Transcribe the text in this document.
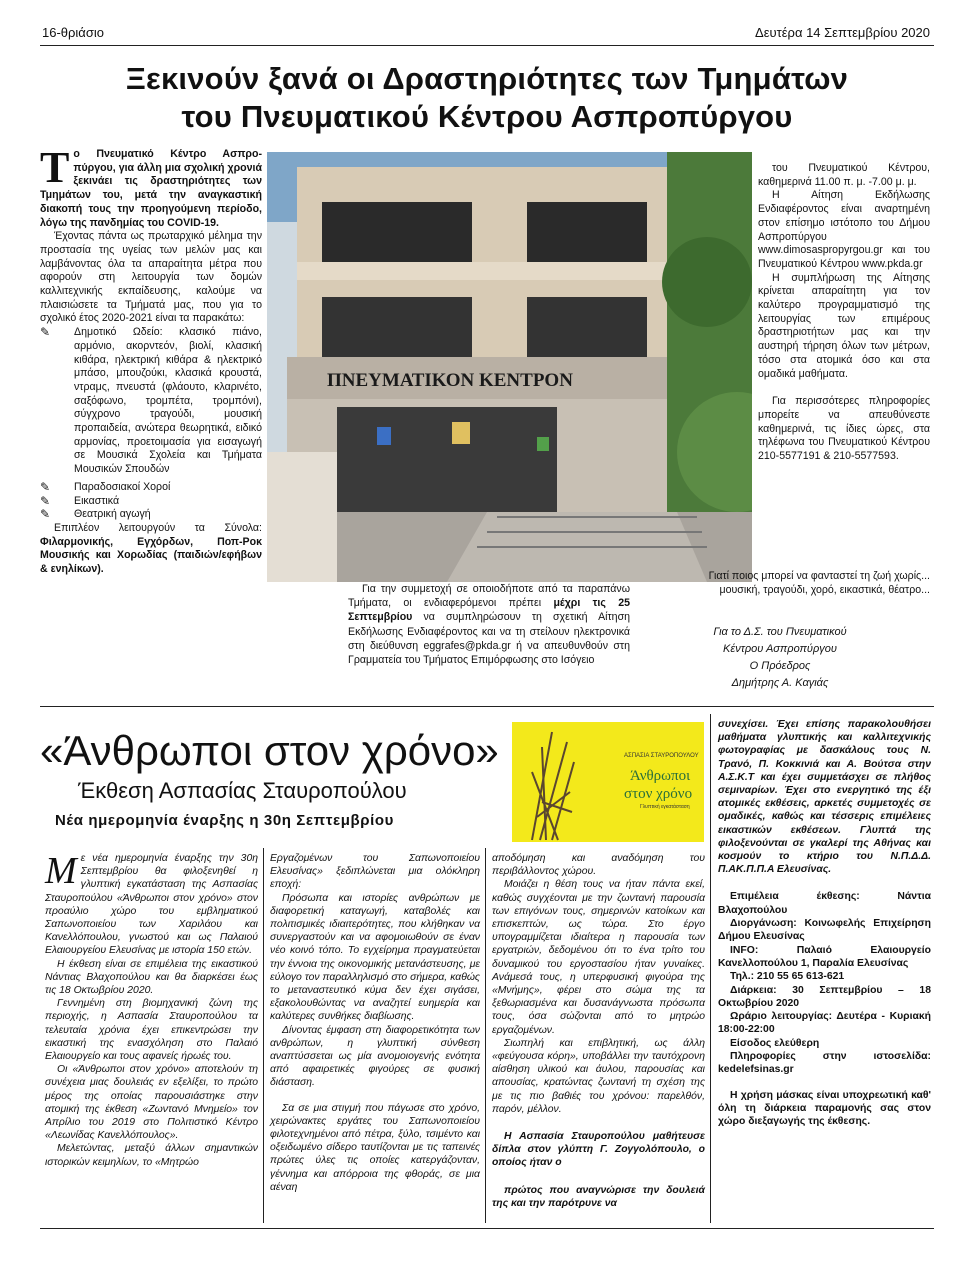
16-θριάσιο	Δευτέρα 14 Σεπτεμβρίου 2020
Ξεκινούν ξανά οι Δραστηριότητες των Τμημάτων
του Πνευματικού Κέντρου Ασπροπύργου

Το Πνευματικό Κέντρο Ασπρο-πύργου, για άλλη μια σχολική χρονιά ξεκινάει τις δραστηριότητες των Τμημάτων του, μετά την αναγκαστική διακοπή τους την προηγούμενη περίοδο, λόγω της πανδημίας του COVID-19.

Έχοντας πάντα ως πρωταρχικό μέλημα την προστασία της υγείας των μελών μας και λαμβάνοντας όλα τα απαραίτητα μέτρα που αφορούν στη λειτουργία των δομών καλλιτεχνικής εκπαίδευσης, καλούμε να πλαισιώσετε τα Τμήματά μας, που για το σχολικό έτος 2020-2021 είναι τα παρακάτω:

✎	Δημοτικό Ωδείο: κλασικό πιάνο, αρμόνιο, ακορντεόν, βιολί, κλασική κιθάρα, ηλεκτρική κιθάρα & ηλεκτρικό μπάσο, μπουζούκι, κλασικά κρουστά, ντραμς, πνευστά (φλάουτο, κλαρινέτο, σαξόφωνο, τρομπέτα, τρομπόνι), σύγχρονο τραγούδι, μουσική προπαιδεία, ανώτερα θεωρητικά, ειδικό αρμονίας, προετοιμασία για εισαγωγή σε Μουσικά Σχολεία και Τμήματα Μουσικών Σπουδών
✎	Παραδοσιακοί Χοροί
✎	Εικαστικά
✎	Θεατρική αγωγή

Επιπλέον λειτουργούν τα Σύνολα: Φιλαρμονικής, Εγχόρδων, Ποπ-Ροκ Μουσικής και Χορωδίας (παιδιών/εφήβων & ενηλίκων).

ΠΝΕΥΜΑΤΙΚΟΝ ΚΕΝΤΡΟΝ

Για την συμμετοχή σε οποιοδήποτε από τα παραπάνω Τμήματα, οι ενδιαφερόμενοι πρέπει μέχρι τις 25 Σεπτεμβρίου να συμπληρώσουν τη σχετική Αίτηση Εκδήλωσης Ενδιαφέροντος και να τη στείλουν ηλεκτρονικά στη διεύθυνση eggrafes@pkda.gr ή να απευθυνθούν στη Γραμματεία του Τμήματος Επιμόρφωσης στο Ισόγειο

του Πνευματικού Κέντρου, καθημερινά 11.00 π. μ. -7.00 μ. μ.

Η Αίτηση Εκδήλωσης Ενδιαφέροντος είναι αναρτημένη στον επίσημο ιστότοπο του Δήμου Ασπροπύργου www.dimosaspropyrgou.gr και του Πνευματικού Κέντρου www.pkda.gr

Η συμπλήρωση της Αίτησης κρίνεται απαραίτητη για τον καλύτερο προγραμματισμό της λειτουργίας των επιμέρους δραστηριοτήτων μας και την αυστηρή τήρηση όλων των μέτρων, τόσο στα ατομικά όσο και στα ομαδικά μαθήματα.

Για περισσότερες πληροφορίες μπορείτε να απευθύνεστε καθημερινά, τις ίδιες ώρες, στα τηλέφωνα του Πνευματικού Κέντρου 210-5577191 & 210-5577593.

Γιατί ποιος μπορεί να φανταστεί τη ζωή χωρίς...
μουσική, τραγούδι, χορό, εικαστικά, θέατρο...
Για το Δ.Σ. του Πνευματικού
Κέντρου Ασπροπύργου
Ο Πρόεδρος
Δημήτρης Α. Καγιάς
«Άνθρωποι στον χρόνο»
Έκθεση Ασπασίας Σταυροπούλου
Νέα ημερομηνία έναρξης η 30η Σεπτεμβρίου
ΑΣΠΑΣΙΑ ΣΤΑΥΡΟΠΟΥΛΟΥ
Άνθρωποι
στον χρόνο
Γλυπτική εγκατάσταση

Με νέα ημερομηνία έναρξης την 30η Σεπτεμβρίου θα φιλοξενηθεί η γλυπτική εγκατάσταση της Ασπασίας Σταυροπούλου «Άνθρωποι στον χρόνο» στον προαύλιο χώρο του εμβληματικού Σαπωνοποιείου των Χαριλάου και Κανελλόπουλου, γνωστού και ως Παλαιού Ελαιουργείου Ελευσίνας με ιστορία 150 ετών.

Η έκθεση είναι σε επιμέλεια της εικαστικού Νάντιας Βλαχοπούλου και θα διαρκέσει έως τις 18 Οκτωβρίου 2020.

Γεννημένη στη βιομηχανική ζώνη της περιοχής, η Ασπασία Σταυροπούλου τα τελευταία χρόνια έχει επικεντρώσει την εικαστική της ενασχόληση στο Παλαιό Ελαιουργείο και τους αφανείς ήρωές του.

Οι «Άνθρωποι στον χρόνο» αποτελούν τη συνέχεια μιας δουλειάς εν εξελίξει, το πρώτο μέρος της οποίας παρουσιάστηκε στην ατομική της έκθεση «Ζωντανό Μνημείο» τον Απρίλιο του 2019 στο Πολιτιστικό Κέντρο «Λεωνίδας Κανελλόπουλος».

Μελετώντας, μεταξύ άλλων σημαντικών ιστορικών κειμηλίων, το «Μητρώο

Εργαζομένων του Σαπωνοποιείου Ελευσίνας» ξεδιπλώνεται μια ολόκληρη εποχή:

Πρόσωπα και ιστορίες ανθρώπων με διαφορετική καταγωγή, καταβολές και πολιτισμικές ιδιαιτερότητες, που κλήθηκαν να συνεργαστούν και να αφομοιωθούν σε έναν νέο κοινό τόπο. Το εγχείρημα πραγματεύεται την έννοια της οικονομικής μετανάστευσης, με εύλογο τον παραλληλισμό στο σήμερα, καθώς το μεταναστευτικό κύμα δεν έχει σιγάσει, εξακολουθώντας να αναζητεί ευημερία και καλύτερες συνθήκες διαβίωσης.

Δίνοντας έμφαση στη διαφορετικότητα των ανθρώπων, η γλυπτική σύνθεση αναπτύσσεται ως μία ανομοιογενής ενότητα από αφαιρετικές φιγούρες σε φυσική διάσταση.

Σα σε μια στιγμή που πάγωσε στο χρόνο, χειρώνακτες εργάτες του Σαπωνοποιείου φιλοτεχνημένοι από πέτρα, ξύλο, τσιμέντο και οξειδωμένο σίδερο ταυτίζονται με τις ταπεινές πρώτες ύλες τις οποίες κατεργάζονταν, γέννημα και απόρροια της φθοράς, σε μια αέναη

αποδόμηση και αναδόμηση του περιβάλλοντος χώρου.

Μοιάζει η θέση τους να ήταν πάντα εκεί, καθώς συγχέονται με την ζωντανή παρουσία των επιγόνων τους, σημερινών κατοίκων και επισκεπτών, ως τώρα. Στο έργο υπογραμμίζεται ιδιαίτερα η παρουσία των εργατριών, δεδομένου ότι το ένα τρίτο του δυναμικού του εργοστασίου ήταν γυναίκες. Ανάμεσά τους, η υπερφυσική φιγούρα της «Μνήμης», φέρει στο σώμα της τα ξεθωριασμένα και δυσανάγνωστα πρόσωπα τους, όσα σώζονται από το μητρώο εργαζομένων.

Σιωπηλή και επιβλητική, ως άλλη «φεύγουσα κόρη», υποβάλλει την ταυτόχρονη αίσθηση υλικού και άυλου, παρουσίας και απουσίας, κρατώντας ζωντανή τη σχέση της με τις πιο βαθιές του χρόνου: παρελθόν, παρόν, μέλλον.

Η Ασπασία Σταυροπούλου μαθήτευσε δίπλα στον γλύπτη Γ. Ζογγολόπουλο, ο οποίος ήταν ο

πρώτος που αναγνώρισε την δουλειά της και την παρότρυνε να

συνεχίσει. Έχει επίσης παρακολουθήσει μαθήματα γλυπτικής και καλλιτεχνικής φωτογραφίας με δασκάλους τους Ν. Τρανό, Π. Κοκκινιά και Α. Βούτσα στην Α.Σ.Κ.Τ και έχει συμμετάσχει σε πλήθος σεμιναρίων. Έχει στο ενεργητικό της έξι ατομικές εκθέσεις, αρκετές συμμετοχές σε ομαδικές, καθώς και τέσσερις επιμέλειες εικαστικών εκθέσεων. Γλυπτά της φιλοξενούνται σε γκαλερί της Αθήνας και κοσμούν το κτήριο του Ν.Π.Δ.Δ. Π.ΑΚ.Π.Π.Α Ελευσίνας.

Επιμέλεια έκθεσης: Νάντια Βλαχοπούλου

Διοργάνωση: Κοινωφελής Επιχείρηση Δήμου Ελευσίνας

INFO: Παλαιό Ελαιουργείο Κανελλοπούλου 1, Παραλία Ελευσίνας

Τηλ.: 210 55 65 613-621

Διάρκεια: 30 Σεπτεμβρίου – 18 Οκτωβρίου 2020

Ωράριο λειτουργίας: Δευτέρα - Κυριακή 18:00-22:00

Είσοδος ελεύθερη

Πληροφορίες στην ιστοσελίδα: kedelefsinas.gr

Η χρήση μάσκας είναι υποχρεωτική καθ' όλη τη διάρκεια παραμονής σας στον χώρο διεξαγωγής της έκθεσης.
